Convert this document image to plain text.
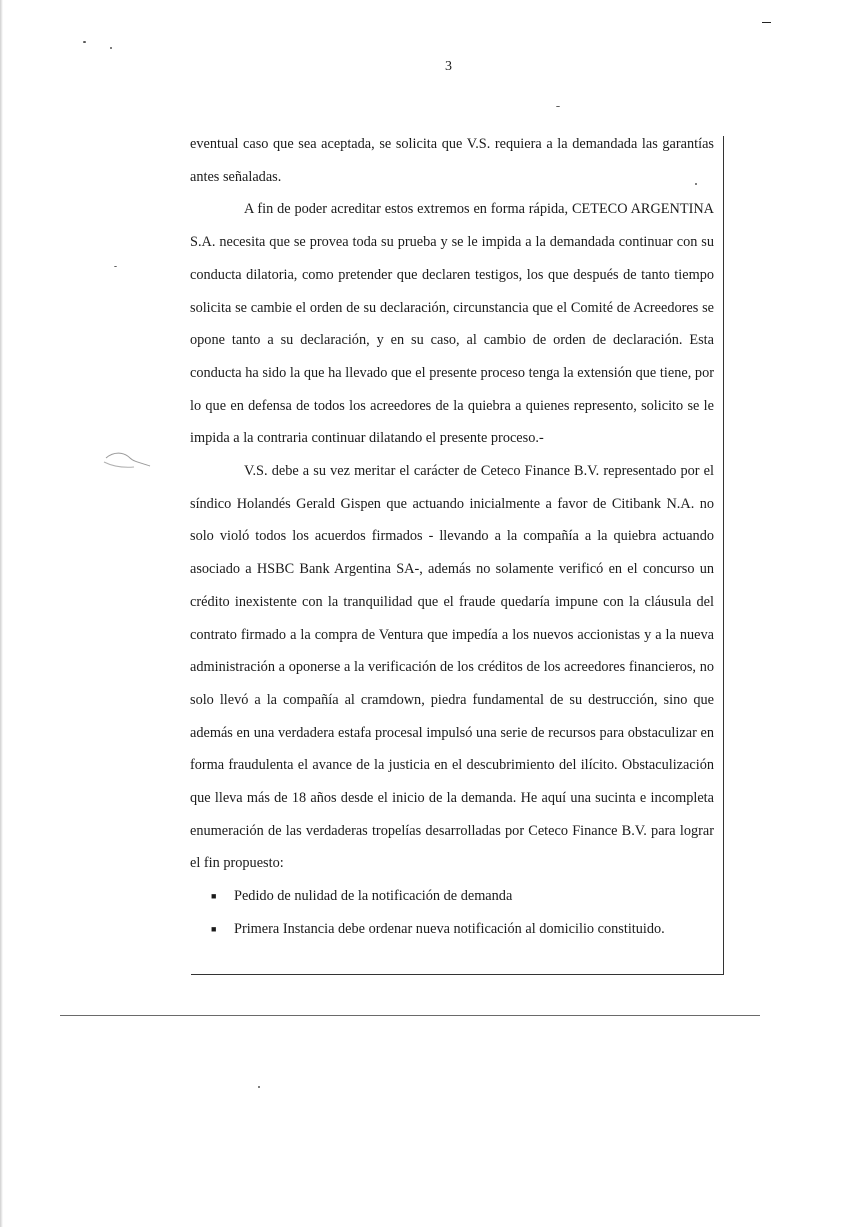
3

eventual caso que sea aceptada, se solicita que V.S. requiera a la demandada las garantías antes señaladas.

A fin de poder acreditar estos extremos en forma rápida, CETECO ARGENTINA S.A. necesita que se provea toda su prueba y se le impida a la demandada continuar con su conducta dilatoria, como pretender que declaren testigos, los que después de tanto tiempo solicita se cambie el orden de su declaración, circunstancia que el Comité de Acreedores se opone tanto a su declaración, y en su caso, al cambio de orden de declaración. Esta conducta ha sido la que ha llevado que el presente proceso tenga la extensión que tiene, por lo que en defensa de todos los acreedores de la quiebra a quienes represento, solicito se le impida a la contraria continuar dilatando el presente proceso.-

V.S. debe a su vez meritar el carácter de Ceteco Finance B.V. representado por el síndico Holandés Gerald Gispen que actuando inicialmente a favor de Citibank N.A. no solo violó todos los acuerdos firmados - llevando a la compañía a la quiebra actuando asociado a HSBC Bank Argentina SA-, además no solamente verificó en el concurso un crédito inexistente con la tranquilidad que el fraude quedaría impune con la cláusula del contrato firmado a la compra de Ventura que impedía a los nuevos accionistas y a la nueva administración a oponerse a la verificación de los créditos de los acreedores financieros, no solo llevó a la compañía al cramdown, piedra fundamental de su destrucción, sino que además en una verdadera estafa procesal impulsó una serie de recursos para obstaculizar en forma fraudulenta el avance de la justicia en el descubrimiento del ilícito. Obstaculización que lleva más de 18 años desde el inicio de la demanda. He aquí una sucinta e incompleta enumeración de las verdaderas tropelías desarrolladas por Ceteco Finance B.V. para lograr el fin propuesto:

■ Pedido de nulidad de la notificación de demanda
■ Primera Instancia debe ordenar nueva notificación al domicilio constituido.
